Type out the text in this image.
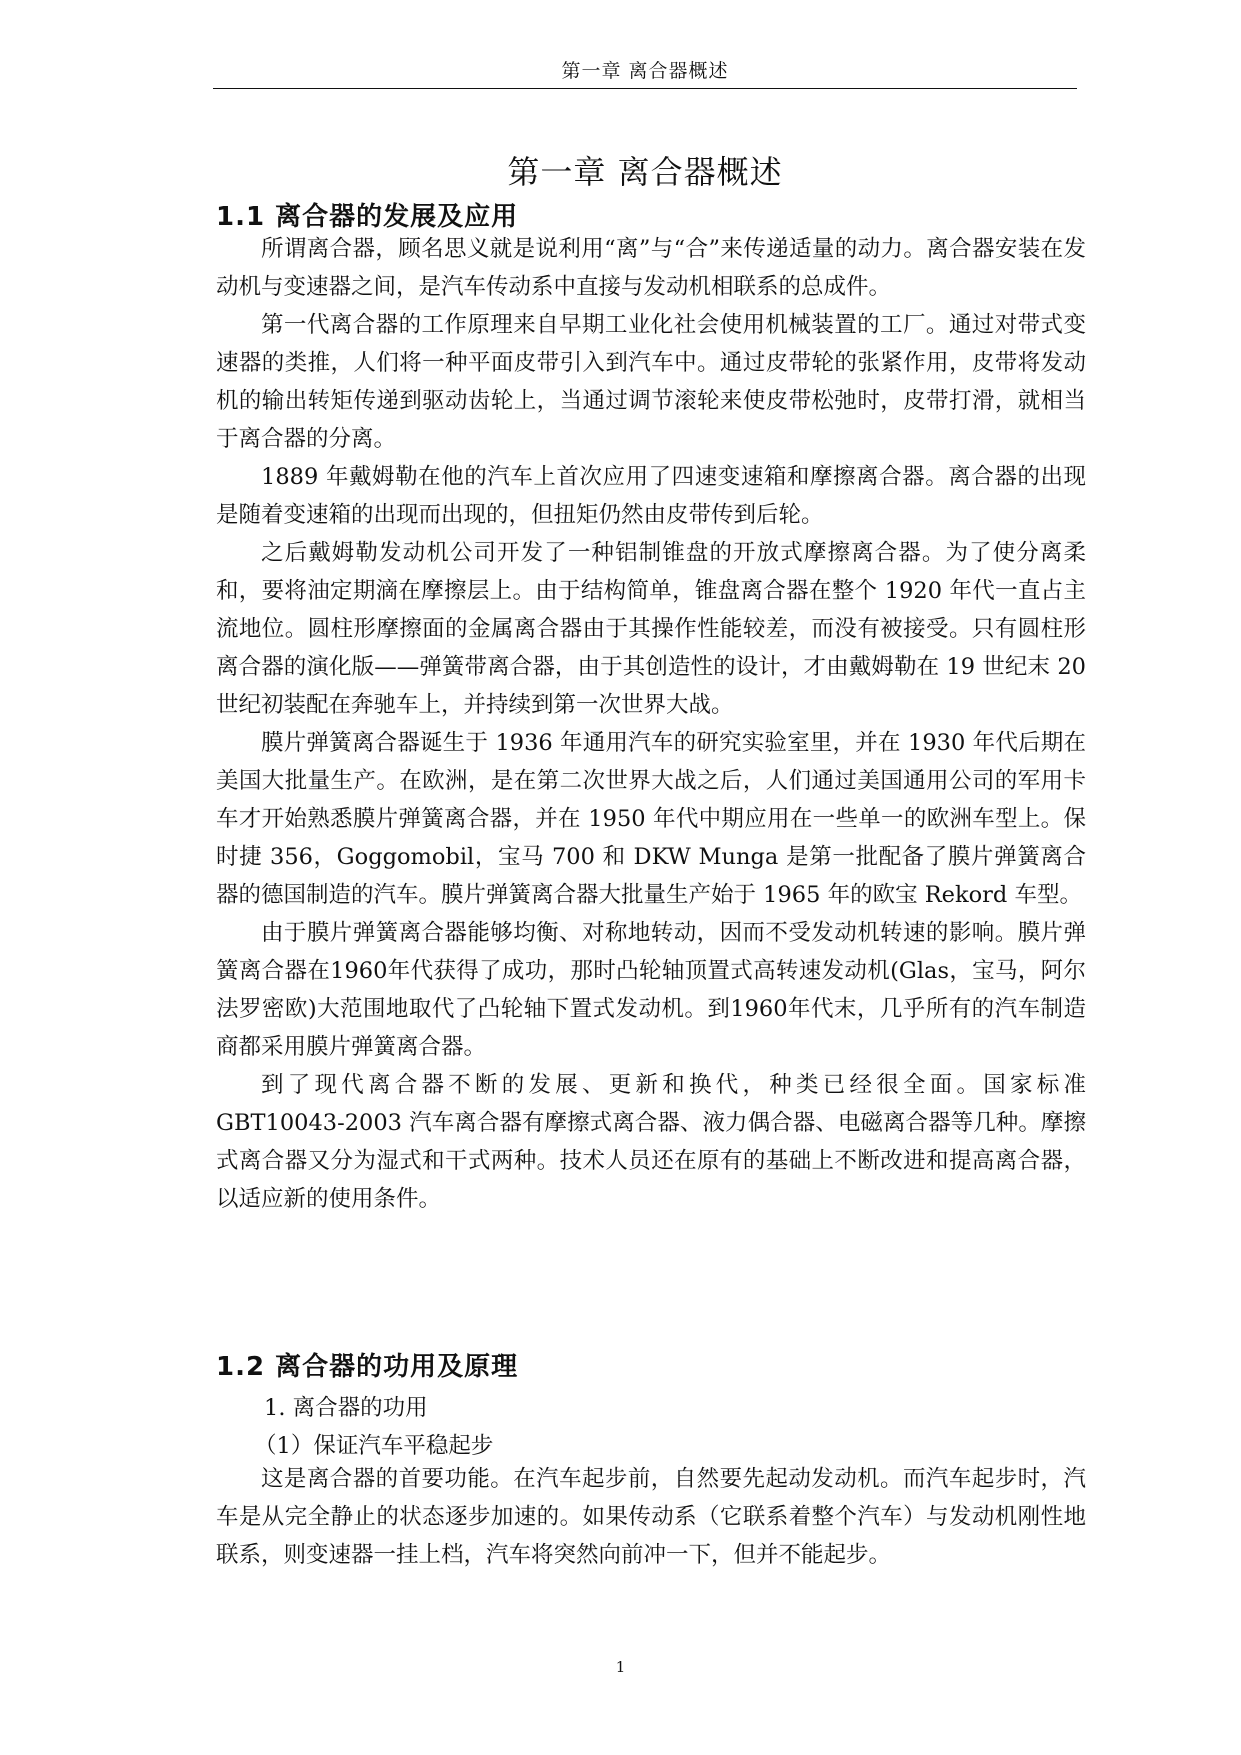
第一章 离合器概述
第一章 离合器概述
1.1 离合器的发展及应用

所谓离合器，顾名思义就是说利用“离”与“合”来传递适量的动力。离合器安装在发动机与变速器之间，是汽车传动系中直接与发动机相联系的总成件。

第一代离合器的工作原理来自早期工业化社会使用机械装置的工厂。通过对带式变速器的类推，人们将一种平面皮带引入到汽车中。通过皮带轮的张紧作用，皮带将发动机的输出转矩传递到驱动齿轮上，当通过调节滚轮来使皮带松弛时，皮带打滑，就相当于离合器的分离。

1889 年戴姆勒在他的汽车上首次应用了四速变速箱和摩擦离合器。离合器的出现是随着变速箱的出现而出现的，但扭矩仍然由皮带传到后轮。

之后戴姆勒发动机公司开发了一种铝制锥盘的开放式摩擦离合器。为了使分离柔和，要将油定期滴在摩擦层上。由于结构简单，锥盘离合器在整个 1920 年代一直占主流地位。圆柱形摩擦面的金属离合器由于其操作性能较差，而没有被接受。只有圆柱形离合器的演化版——弹簧带离合器，由于其创造性的设计，才由戴姆勒在 19 世纪末 20 世纪初装配在奔驰车上，并持续到第一次世界大战。

膜片弹簧离合器诞生于 1936 年通用汽车的研究实验室里，并在 1930 年代后期在美国大批量生产。在欧洲，是在第二次世界大战之后，人们通过美国通用公司的军用卡车才开始熟悉膜片弹簧离合器，并在 1950 年代中期应用在一些单一的欧洲车型上。保时捷 356，Goggomobil，宝马 700 和 DKW Munga 是第一批配备了膜片弹簧离合器的德国制造的汽车。膜片弹簧离合器大批量生产始于 1965 年的欧宝 Rekord 车型。

由于膜片弹簧离合器能够均衡、对称地转动，因而不受发动机转速的影响。膜片弹簧离合器在1960年代获得了成功，那时凸轮轴顶置式高转速发动机(Glas，宝马，阿尔法罗密欧)大范围地取代了凸轮轴下置式发动机。到1960年代末，几乎所有的汽车制造商都采用膜片弹簧离合器。

到了现代离合器不断的发展、更新和换代，种类已经很全面。国家标准GBT10043-2003 汽车离合器有摩擦式离合器、液力偶合器、电磁离合器等几种。摩擦式离合器又分为湿式和干式两种。技术人员还在原有的基础上不断改进和提高离合器，以适应新的使用条件。

1.2 离合器的功用及原理
1. 离合器的功用
（1）保证汽车平稳起步

这是离合器的首要功能。在汽车起步前，自然要先起动发动机。而汽车起步时，汽车是从完全静止的状态逐步加速的。如果传动系（它联系着整个汽车）与发动机刚性地联系，则变速器一挂上档，汽车将突然向前冲一下，但并不能起步。

1
